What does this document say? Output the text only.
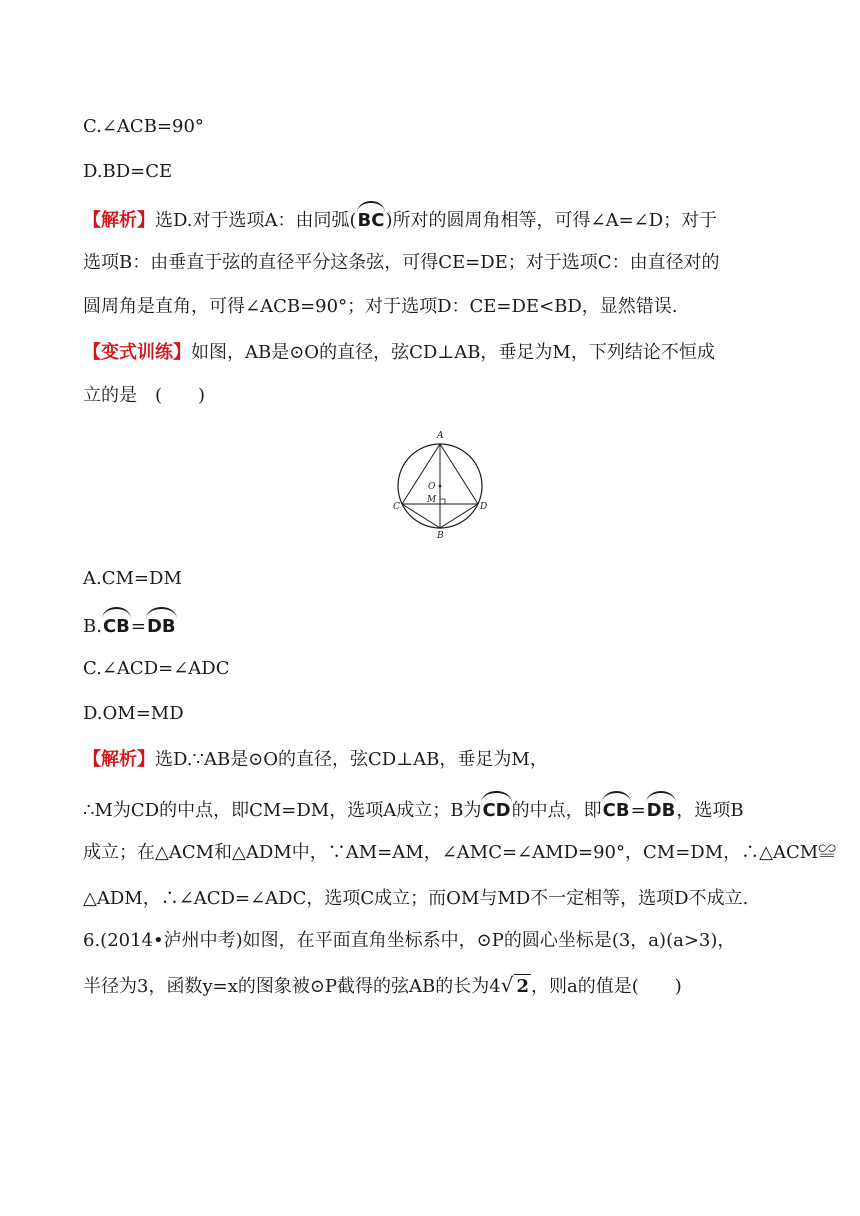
C.∠ACB=90°
D.BD=CE
【解析】选D.对于选项A：由同弧(BC)所对的圆周角相等，可得∠A=∠D；对于
选项B：由垂直于弦的直径平分这条弦，可得CE=DE；对于选项C：由直径对的
圆周角是直角，可得∠ACB=90°；对于选项D：CE=DE<BD，显然错误.
【变式训练】如图，AB是⊙O的直径，弦CD⊥AB，垂足为M，下列结论不恒成
立的是　(　　)
A
O
M
C	D
B
A.CM=DM
B.CB=DB
C.∠ACD=∠ADC
D.OM=MD
【解析】选D.∵AB是⊙O的直径，弦CD⊥AB，垂足为M，
∴M为CD的中点，即CM=DM，选项A成立；B为CD的中点，即CB=DB，选项B
成立；在△ACM和△ADM中，∵AM=AM，∠AMC=∠AMD=90°，CM=DM，∴△ACM≌
△ADM，∴∠ACD=∠ADC，选项C成立；而OM与MD不一定相等，选项D不成立.
6.(2014•泸州中考)如图，在平面直角坐标系中，⊙P的圆心坐标是(3，a)(a>3)，
半径为3，函数y=x的图象被⊙P截得的弦AB的长为4√ 2 ，则a的值是(　　)
